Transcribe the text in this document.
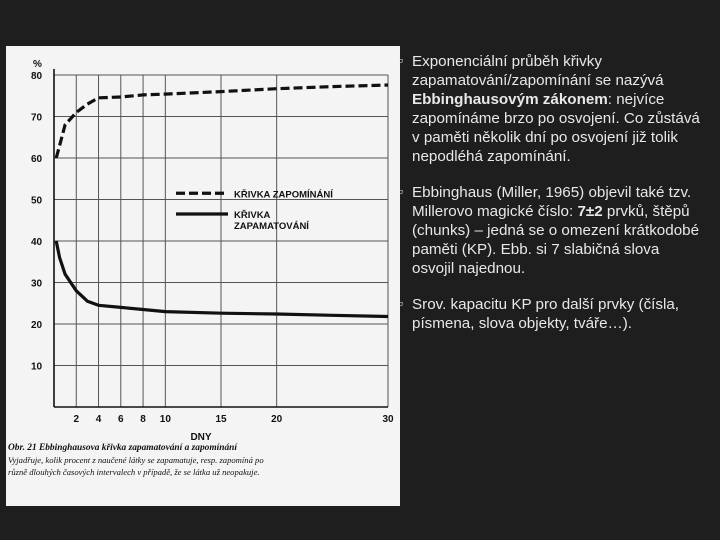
KŘIVKA ZAPOMÍNÁNÍ
KŘIVKA
ZAPAMATOVÁNÍ
10
20
30
40
50
60
70
80
2 4 6 8 10	15	20	30
%
DNY
Obr. 21 Ebbinghausova křivka zapamatování a zapomínání
Vyjadřuje, kolik procent z naučené látky se zapamatuje, resp. zapomíná po
různě dlouhých časových intervalech v případě, že se látka už neopakuje.
▫ Exponenciální průběh křivky zapamatování/zapomínání se nazývá Ebbinghausovým zákonem: nejvíce zapomínáme brzo po osvojení. Co zůstává v paměti několik dní po osvojení již tolik nepodléhá zapomínání.
▫ Ebbinghaus (Miller, 1965) objevil také tzv. Millerovo magické číslo: 7±2 prvků, štěpů (chunks) – jedná se o omezení krátkodobé paměti (KP). Ebb. si 7 slabičná slova osvojil najednou.
▫ Srov. kapacitu KP pro další prvky (čísla, písmena, slova objekty, tváře…).
